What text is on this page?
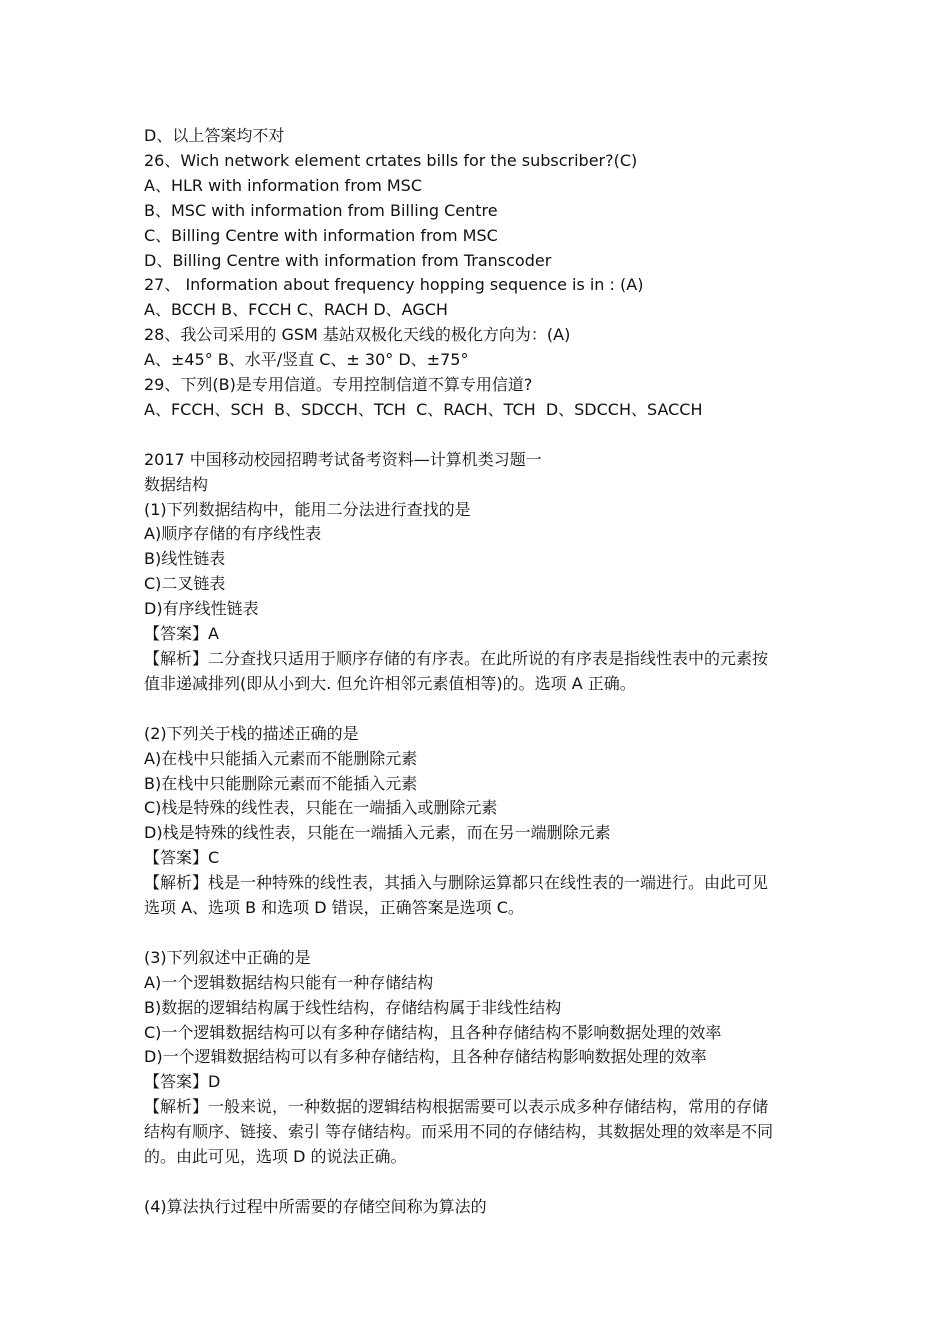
D、以上答案均不对
26、Wich network element crtates bills for the subscriber?(C)
A、HLR with information from MSC
B、MSC with information from Billing Centre
C、Billing Centre with information from MSC
D、Billing Centre with information from Transcoder
27、 Information about frequency hopping sequence is in : (A)
A、BCCH B、FCCH C、RACH D、AGCH
28、我公司采用的 GSM 基站双极化天线的极化方向为：(A)
A、±45° B、水平/竖直 C、± 30° D、±75°
29、下列(B)是专用信道。专用控制信道不算专用信道?
A、FCCH、SCH  B、SDCCH、TCH  C、RACH、TCH  D、SDCCH、SACCH
2017 中国移动校园招聘考试备考资料—计算机类习题一
数据结构
(1)下列数据结构中，能用二分法进行查找的是
A)顺序存储的有序线性表
B)线性链表
C)二叉链表
D)有序线性链表
【答案】A
【解析】二分查找只适用于顺序存储的有序表。在此所说的有序表是指线性表中的元素按
值非递减排列(即从小到大. 但允许相邻元素值相等)的。选项 A 正确。
(2)下列关于栈的描述正确的是
A)在栈中只能插入元素而不能删除元素
B)在栈中只能删除元素而不能插入元素
C)栈是特殊的线性表，只能在一端插入或删除元素
D)栈是特殊的线性表，只能在一端插入元素，而在另一端删除元素
【答案】C
【解析】栈是一种特殊的线性表，其插入与删除运算都只在线性表的一端进行。由此可见
选项 A、选项 B 和选项 D 错误，正确答案是选项 C。
(3)下列叙述中正确的是
A)一个逻辑数据结构只能有一种存储结构
B)数据的逻辑结构属于线性结构，存储结构属于非线性结构
C)一个逻辑数据结构可以有多种存储结构，且各种存储结构不影响数据处理的效率
D)一个逻辑数据结构可以有多种存储结构，且各种存储结构影响数据处理的效率
【答案】D
【解析】一般来说，一种数据的逻辑结构根据需要可以表示成多种存储结构，常用的存储
结构有顺序、链接、索引 等存储结构。而采用不同的存储结构，其数据处理的效率是不同
的。由此可见，选项 D 的说法正确。
(4)算法执行过程中所需要的存储空间称为算法的
